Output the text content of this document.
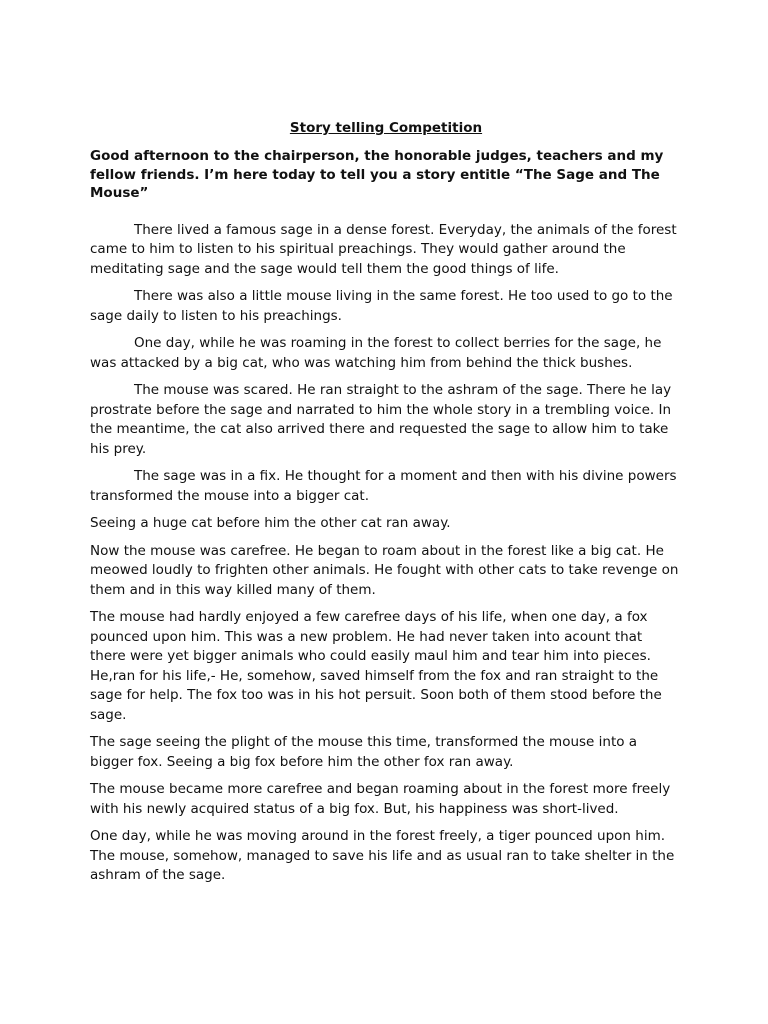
Story telling Competition
Good afternoon to the chairperson, the honorable judges, teachers and my fellow friends. I’m here today to tell you a story entitle “The Sage and The Mouse”
There lived a famous sage in a dense forest. Everyday, the animals of the forest came to him to listen to his spiritual preachings. They would gather around the meditating sage and the sage would tell them the good things of life.
There was also a little mouse living in the same forest. He too used to go to the sage daily to listen to his preachings.
One day, while he was roaming in the forest to collect berries for the sage, he was attacked by a big cat, who was watching him from behind the thick bushes.
The mouse was scared. He ran straight to the ashram of the sage. There he lay prostrate before the sage and narrated to him the whole story in a trembling voice. In the meantime, the cat also arrived there and requested the sage to allow him to take his prey.
The sage was in a fix. He thought for a moment and then with his divine powers transformed the mouse into a bigger cat.
Seeing a huge cat before him the other cat ran away.
Now the mouse was carefree. He began to roam about in the forest like a big cat. He meowed loudly to frighten other animals. He fought with other cats to take revenge on them and in this way killed many of them.
The mouse had hardly enjoyed a few carefree days of his life, when one day, a fox pounced upon him. This was a new problem. He had never taken into acount that there were yet bigger animals who could easily maul him and tear him into pieces. He,ran for his life,- He, somehow, saved himself from the fox and ran straight to the sage for help. The fox too was in his hot persuit. Soon both of them stood before the sage.
The sage seeing the plight of the mouse this time, transformed the mouse into a bigger fox. Seeing a big fox before him the other fox ran away.
The mouse became more carefree and began roaming about in the forest more freely with his newly acquired status of a big fox. But, his happiness was short-lived.
One day, while he was moving around in the forest freely, a tiger pounced upon him. The mouse, somehow, managed to save his life and as usual ran to take shelter in the ashram of the sage.
